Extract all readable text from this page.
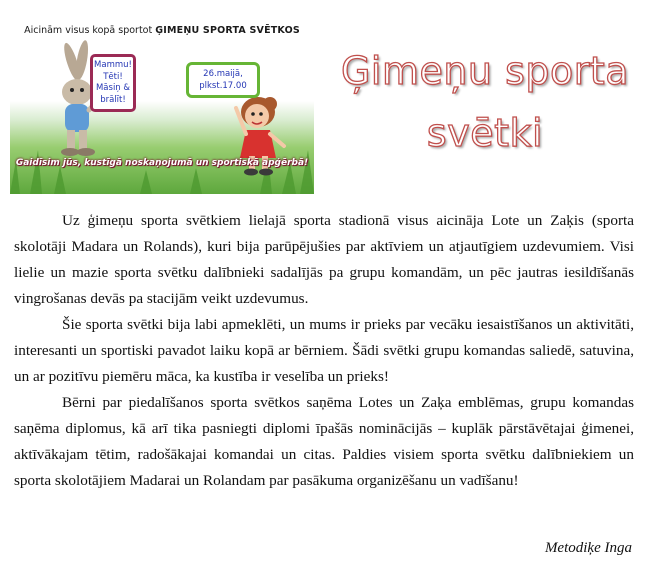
Aicinām visus kopā sportot ĢIMEŅU SPORTA SVĒTKOS
Mammu!
Tēti!
Māsiņ &
brālīt!
26.maijā,
plkst.17.00
Gaidīsim jūs, kustīgā noskaņojumā un sportiskā apģērbā!
Ģimeņu sporta
svētki

Uz ģimeņu sporta svētkiem lielajā sporta stadionā visus aicināja Lote un Zaķis (sporta skolotāji Madara un Rolands), kuri bija parūpējušies par aktīviem un atjautīgiem uzdevumiem. Visi lielie un mazie sporta svētku dalībnieki sadalījās pa grupu komandām, un pēc jautras iesildīšanās vingrošanas devās pa stacijām veikt uzdevumus.

Šie sporta svētki bija labi apmeklēti, un mums ir prieks par vecāku iesaistīšanos un aktivitāti, interesanti un sportiski pavadot laiku kopā ar bērniem. Šādi svētki grupu komandas saliedē, satuvina, un ar pozitīvu piemēru māca, ka kustība ir veselība un prieks!

Bērni par piedalīšanos sporta svētkos saņēma Lotes un Zaķa emblēmas, grupu komandas saņēma diplomus, kā arī tika pasniegti diplomi īpašās nominācijās – kuplāk pārstāvētajai ģimenei, aktīvākajam tētim, radošākajai komandai un citas. Paldies visiem sporta svētku dalībniekiem un sporta skolotājiem Madarai un Rolandam par pasākuma organizēšanu un vadīšanu!

Metodiķe Inga
